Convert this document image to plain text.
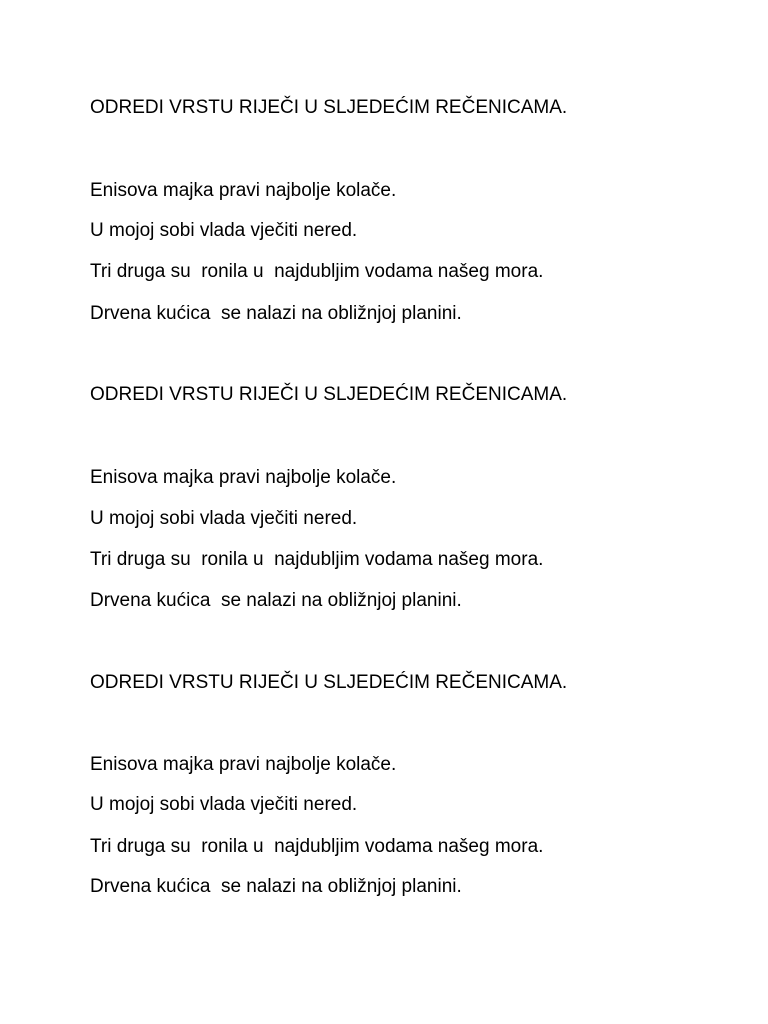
ODREDI VRSTU RIJEČI U SLJEDEĆIM REČENICAMA.

Enisova majka pravi najbolje kolače.

U mojoj sobi vlada vječiti nered.

Tri druga su  ronila u  najdubljim vodama našeg mora.

Drvena kućica  se nalazi na obližnjoj planini.

ODREDI VRSTU RIJEČI U SLJEDEĆIM REČENICAMA.

Enisova majka pravi najbolje kolače.

U mojoj sobi vlada vječiti nered.

Tri druga su  ronila u  najdubljim vodama našeg mora.

Drvena kućica  se nalazi na obližnjoj planini.

ODREDI VRSTU RIJEČI U SLJEDEĆIM REČENICAMA.

Enisova majka pravi najbolje kolače.

U mojoj sobi vlada vječiti nered.

Tri druga su  ronila u  najdubljim vodama našeg mora.

Drvena kućica  se nalazi na obližnjoj planini.
